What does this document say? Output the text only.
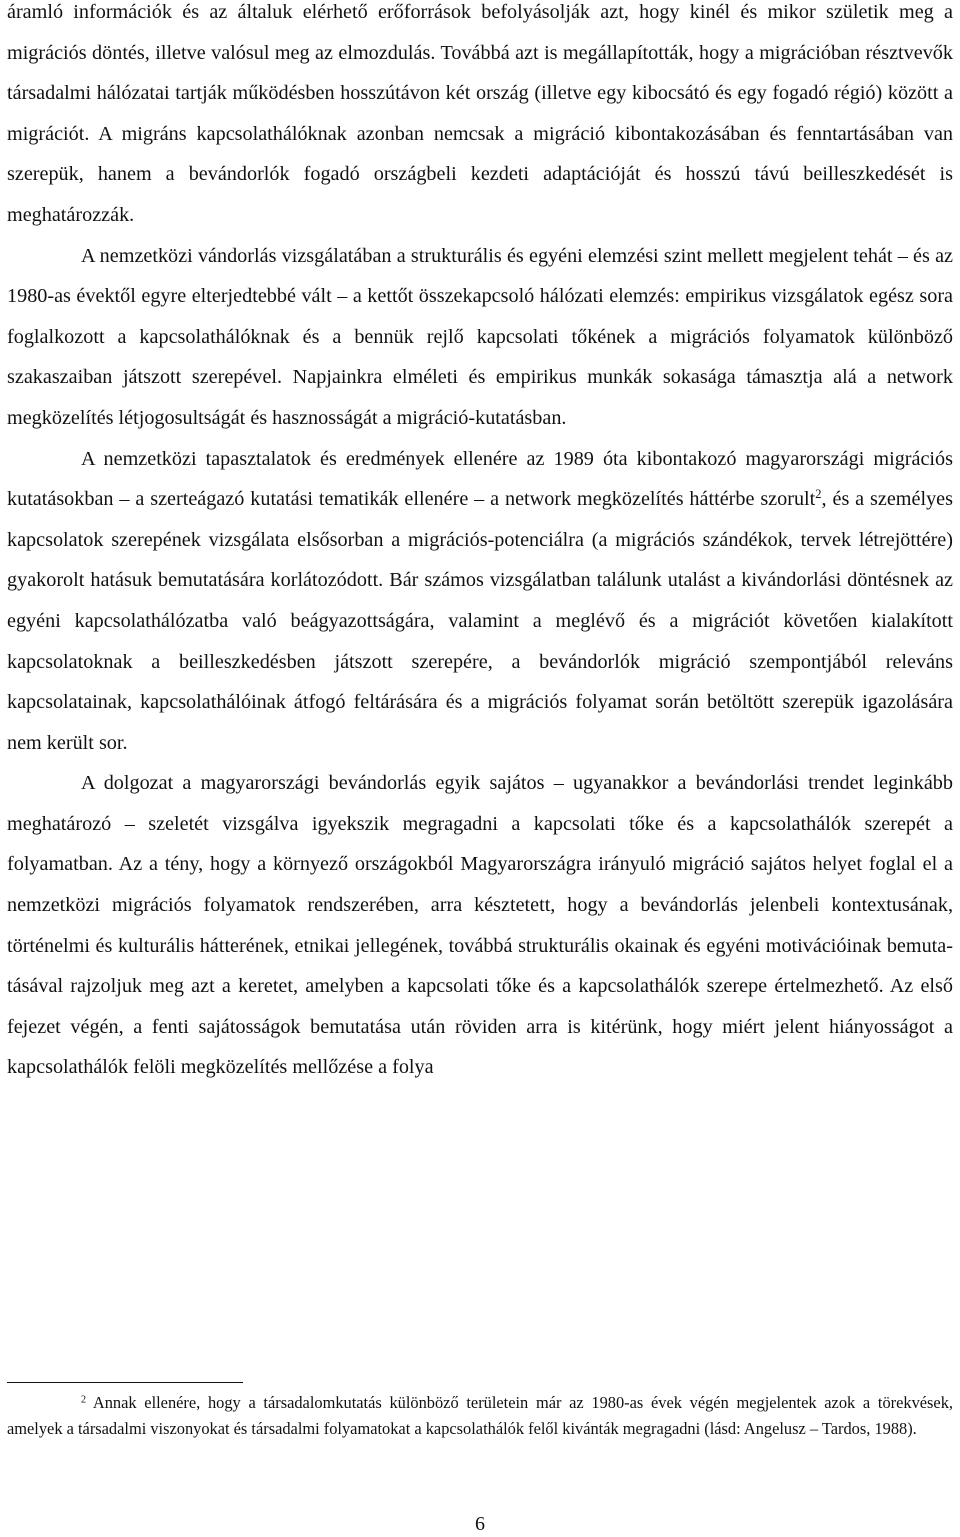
áramló információk és az általuk elérhető erőforrások befolyásolják azt, hogy kinél és mikor születik meg a migrációs döntés, illetve valósul meg az elmozdulás. Továbbá azt is megállapították, hogy a migrációban résztvevők társadalmi hálózatai tartják működésben hosszútávon két ország (illetve egy kibocsátó és egy fogadó régió) között a migrációt. A migráns kapcsolathálóknak azonban nemcsak a migráció kibontakozásában és fenntartásában van szerepük, hanem a bevándorlók fogadó országbeli kezdeti adaptációját és hosszú távú beilleszkedését is meghatározzák.

A nemzetközi vándorlás vizsgálatában a strukturális és egyéni elemzési szint mellett megjelent tehát – és az 1980-as évektől egyre elterjedtebbé vált – a kettőt összekapcsoló hálózati elemzés: empirikus vizsgálatok egész sora foglalkozott a kapcsolathálóknak és a bennük rejlő kapcsolati tőkének a migrációs folyamatok különböző szakaszaiban játszott szerepével. Napjainkra elméleti és empirikus munkák sokasága támasztja alá a network megközelítés létjogosultságát és hasznosságát a migráció-kutatásban.

A nemzetközi tapasztalatok és eredmények ellenére az 1989 óta kibontakozó magyarországi migrációs kutatásokban – a szerteágazó kutatási tematikák ellenére – a network megközelítés háttérbe szorult$^2$, és a személyes kapcsolatok szerepének vizsgálata elsősorban a migrációs-potenciálra (a migrációs szándékok, tervek létrejöttére) gyakorolt hatásuk bemutatására korlátozódott. Bár számos vizsgálatban találunk utalást a kivándorlási döntésnek az egyéni kapcsolathálózatba való beágyazottságára, valamint a meglévő és a migrációt követően kialakított kapcsolatoknak a beilleszkedésben játszott szerepére, a bevándorlók migráció szempontjából releváns kapcsolatainak, kapcsolathálóinak átfogó feltárására és a migrációs folyamat során betöltött szerepük igazolására nem került sor.

A dolgozat a magyarországi bevándorlás egyik sajátos – ugyanakkor a bevándorlási trendet leginkább meghatározó – szeletét vizsgálva igyekszik megragadni a kapcsolati tőke és a kapcsolathálók szerepét a folyamatban. Az a tény, hogy a környező országokból Magyarországra irányuló migráció sajátos helyet foglal el a nemzetközi migrációs folyamatok rendszerében, arra késztetett, hogy a bevándorlás jelenbeli kontextusának, történelmi és kulturális hátterének, etnikai jellegének, továbbá strukturális okainak és egyéni motivációinak bemutatásával rajzoljuk meg azt a keretet, amelyben a kapcsolati tőke és a kapcsolathálók szerepe értelmezhető. Az első fejezet végén, a fenti sajátosságok bemutatása után röviden arra is kitérünk, hogy miért jelent hiányosságot a kapcsolathálók felöli megközelítés mellőzése a folya

$^2$ Annak ellenére, hogy a társadalomkutatás különböző területein már az 1980-as évek végén megjelentek azok a törekvések, amelyek a társadalmi viszonyokat és társadalmi folyamatokat a kapcsolathálók felől kivánták megragadni (lásd: Angelusz – Tardos, 1988).

6
